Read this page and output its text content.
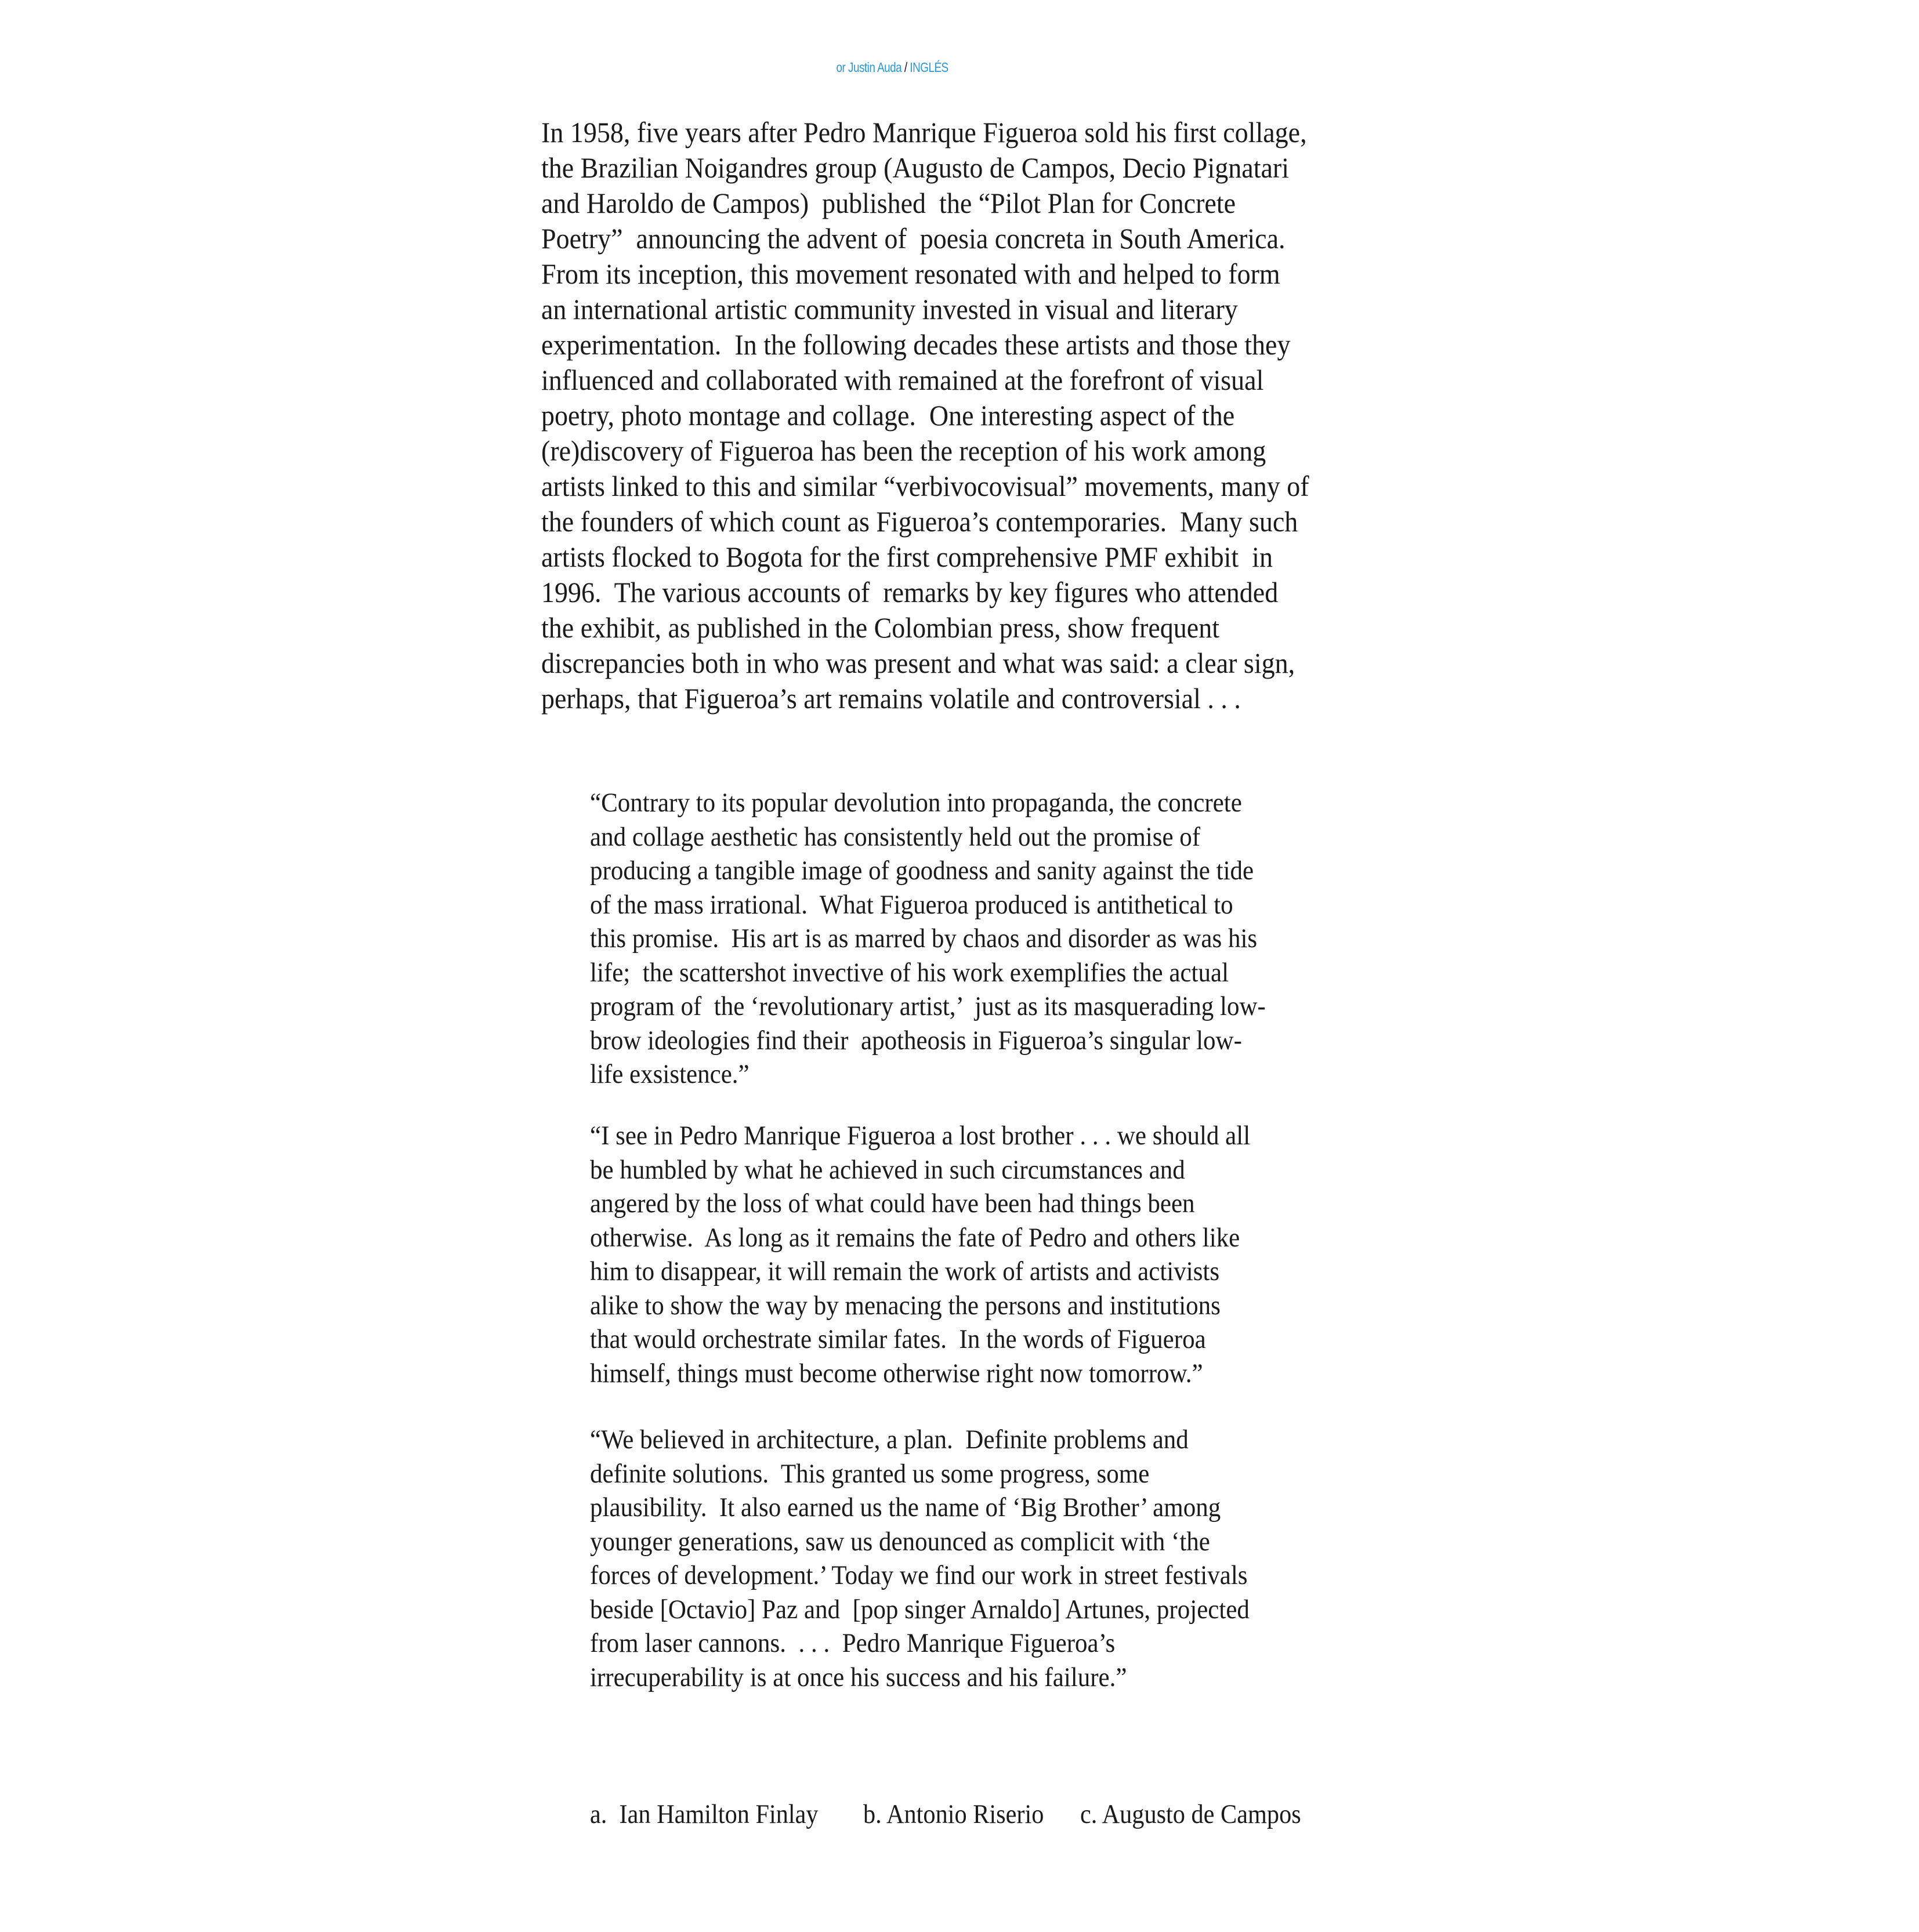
or Justin Auda / INGLÉS

In 1958, five years after Pedro Manrique Figueroa sold his first collage,
the Brazilian Noigandres group (Augusto de Campos, Decio Pignatari
and Haroldo de Campos)  published  the “Pilot Plan for Concrete
Poetry”  announcing the advent of  poesia concreta in South America.
From its inception, this movement resonated with and helped to form
an international artistic community invested in visual and literary
experimentation.  In the following decades these artists and those they
influenced and collaborated with remained at the forefront of visual
poetry, photo montage and collage.  One interesting aspect of the
(re)discovery of Figueroa has been the reception of his work among
artists linked to this and similar “verbivocovisual” movements, many of
the founders of which count as Figueroa’s contemporaries.  Many such
artists flocked to Bogota for the first comprehensive PMF exhibit  in
1996.  The various accounts of  remarks by key figures who attended
the exhibit, as published in the Colombian press, show frequent
discrepancies both in who was present and what was said: a clear sign,
perhaps, that Figueroa’s art remains volatile and controversial . . .
“Contrary to its popular devolution into propaganda, the concrete
and collage aesthetic has consistently held out the promise of
producing a tangible image of goodness and sanity against the tide
of the mass irrational.  What Figueroa produced is antithetical to
this promise.  His art is as marred by chaos and disorder as was his
life;  the scattershot invective of his work exemplifies the actual
program of  the ‘revolutionary artist,’  just as its masquerading low-
brow ideologies find their  apotheosis in Figueroa’s singular low-
life exsistence.”
“I see in Pedro Manrique Figueroa a lost brother . . . we should all
be humbled by what he achieved in such circumstances and
angered by the loss of what could have been had things been
otherwise.  As long as it remains the fate of Pedro and others like
him to disappear, it will remain the work of artists and activists
alike to show the way by menacing the persons and institutions
that would orchestrate similar fates.  In the words of Figueroa
himself, things must become otherwise right now tomorrow.”
“We believed in architecture, a plan.  Definite problems and
definite solutions.  This granted us some progress, some
plausibility.  It also earned us the name of ‘Big Brother’ among
younger generations, saw us denounced as complicit with ‘the
forces of development.’ Today we find our work in street festivals
beside [Octavio] Paz and  [pop singer Arnaldo] Artunes, projected
from laser cannons.  . . .  Pedro Manrique Figueroa’s
irrecuperability is at once his success and his failure.”

a.  Ian Hamilton Finlay

b. Antonio Riserio

c. Augusto de Campos
